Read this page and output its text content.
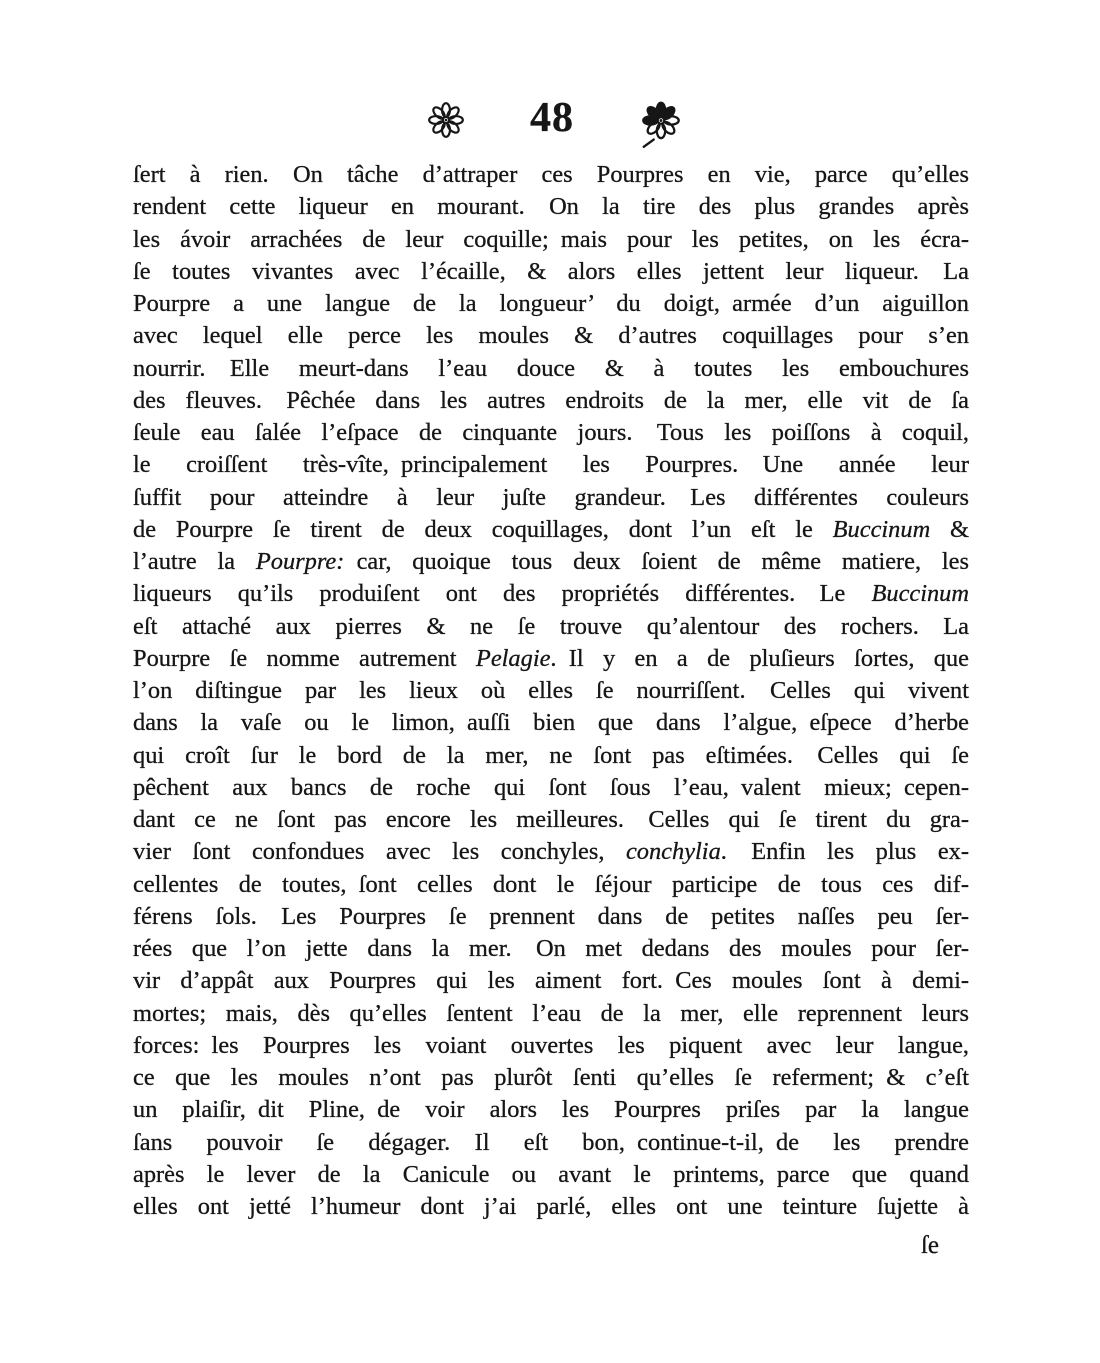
48
ſert à rien. On tâche d’attraper ces Pourpres en vie, parce qu’elles
rendent cette liqueur en mourant. On la tire des plus grandes après
les ávoir arrachées de leur coquille; mais pour les petites, on les écra-
ſe toutes vivantes avec l’écaille, & alors elles jettent leur liqueur. La
Pourpre a une langue de la longueur’ du doigt, armée d’un aiguillon
avec lequel elle perce les moules & d’autres coquillages pour s’en
nourrir. Elle meurt-dans l’eau douce & à toutes les embouchures
des fleuves. Pêchée dans les autres endroits de la mer, elle vit de ſa
ſeule eau ſalée l’eſpace de cinquante jours. Tous les poiſſons à coquil,
le croiſſent très-vîte, principalement les Pourpres. Une année leur
ſuffit pour atteindre à leur juſte grandeur. Les différentes couleurs
de Pourpre ſe tirent de deux coquillages, dont l’un eſt le Buccinum &
l’autre la Pourpre: car, quoique tous deux ſoient de même matiere, les
liqueurs qu’ils produiſent ont des propriétés différentes. Le Buccinum
eſt attaché aux pierres & ne ſe trouve qu’alentour des rochers. La
Pourpre ſe nomme autrement Pelagie. Il y en a de pluſieurs ſortes, que
l’on diſtingue par les lieux où elles ſe nourriſſent. Celles qui vivent
dans la vaſe ou le limon, auſſi bien que dans l’algue, eſpece d’herbe
qui croît ſur le bord de la mer, ne ſont pas eſtimées. Celles qui ſe
pêchent aux bancs de roche qui ſont ſous l’eau, valent mieux; cepen-
dant ce ne ſont pas encore les meilleures. Celles qui ſe tirent du gra-
vier ſont confondues avec les conchyles, conchylia. Enfin les plus ex-
cellentes de toutes, ſont celles dont le ſéjour participe de tous ces dif-
férens ſols. Les Pourpres ſe prennent dans de petites naſſes peu ſer-
rées que l’on jette dans la mer. On met dedans des moules pour ſer-
vir d’appât aux Pourpres qui les aiment fort. Ces moules ſont à demi-
mortes; mais, dès qu’elles ſentent l’eau de la mer, elle reprennent leurs
forces: les Pourpres les voiant ouvertes les piquent avec leur langue,
ce que les moules n’ont pas plurôt ſenti qu’elles ſe referment; & c’eſt
un plaiſir, dit Pline, de voir alors les Pourpres priſes par la langue
ſans pouvoir ſe dégager. Il eſt bon, continue-t-il, de les prendre
après le lever de la Canicule ou avant le printems, parce que quand
elles ont jetté l’humeur dont j’ai parlé, elles ont une teinture ſujette à
ſe
